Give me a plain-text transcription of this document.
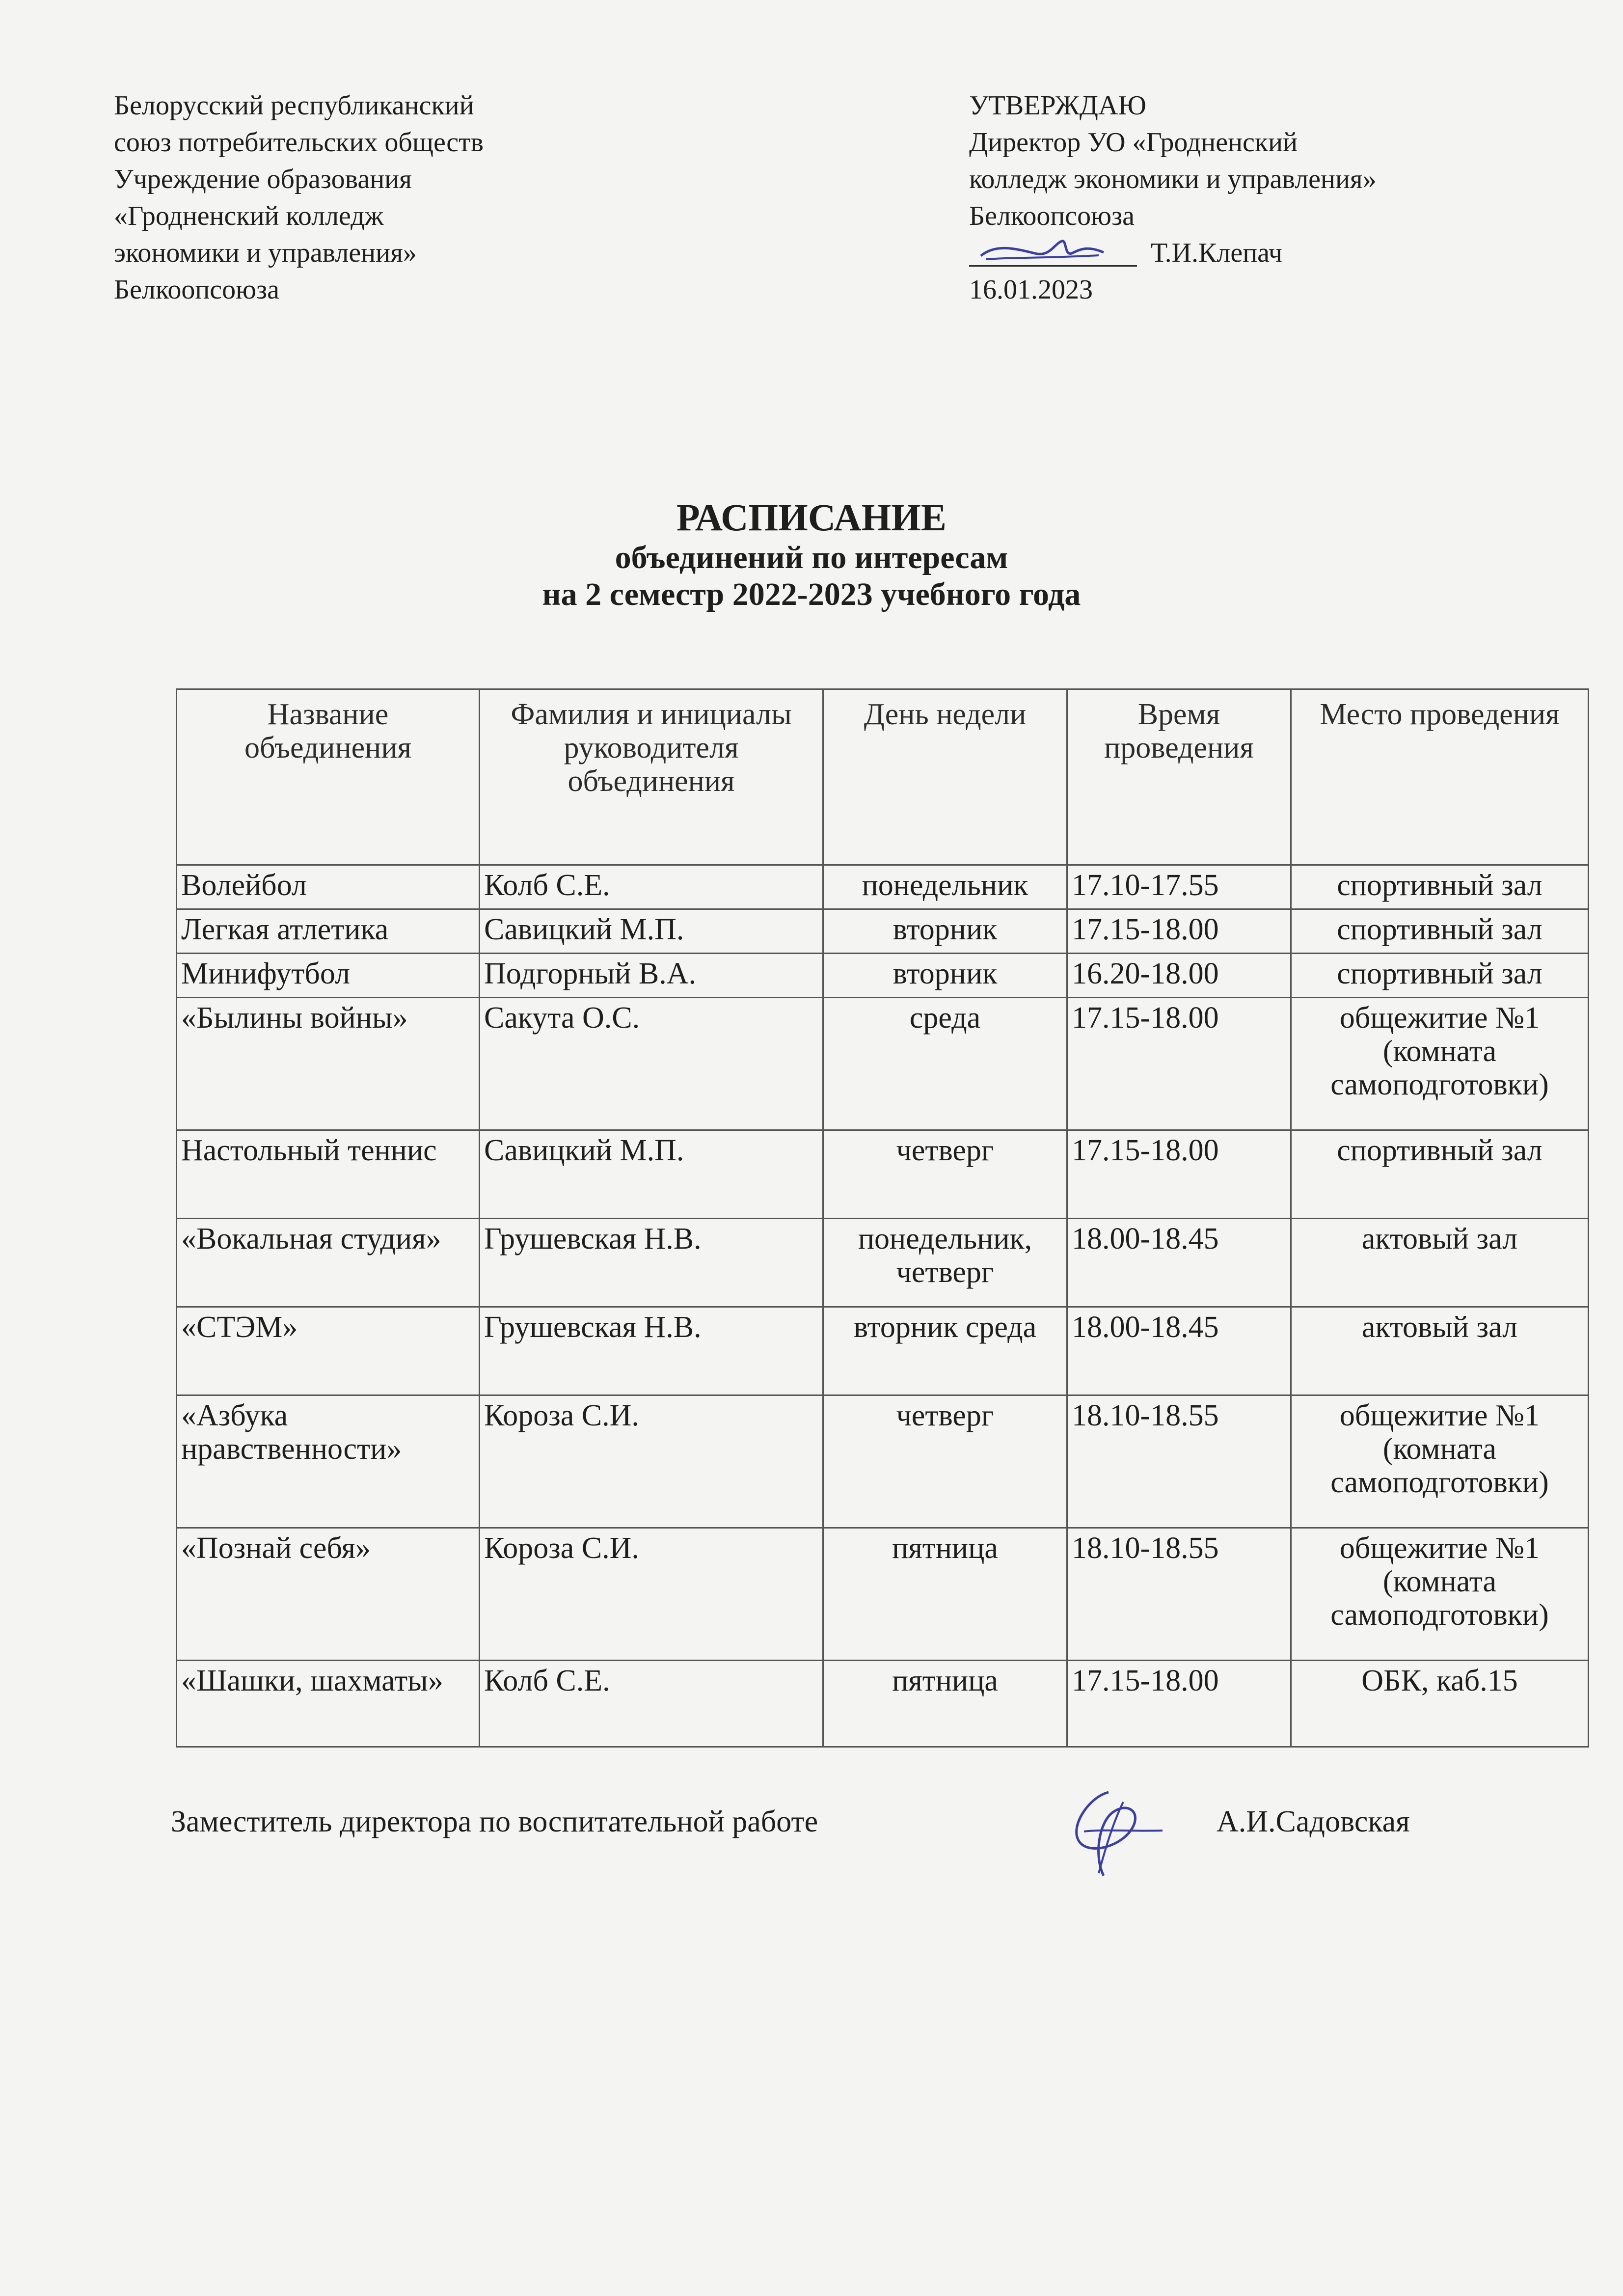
Белорусский республиканский
союз потребительских обществ
Учреждение образования
«Гродненский колледж
экономики и управления»
Белкоопсоюза
УТВЕРЖДАЮ
Директор УО «Гродненский
колледж экономики и управления»
Белкоопсоюза
Т.И.Клепач
16.01.2023
РАСПИСАНИЕ
объединений по интересам
на 2 семестр 2022-2023 учебного года
Название объединения	Фамилия и инициалы руководителя объединения	День недели	Время проведения	Место проведения
Волейбол	Колб С.Е.	понедельник	17.10-17.55	спортивный зал
Легкая атлетика	Савицкий М.П.	вторник	17.15-18.00	спортивный зал
Минифутбол	Подгорный В.А.	вторник	16.20-18.00	спортивный зал
«Былины войны»	Сакута О.С.	среда	17.15-18.00	общежитие №1 (комната самоподготовки)
Настольный теннис	Савицкий М.П.	четверг	17.15-18.00	спортивный зал
«Вокальная студия»	Грушевская Н.В.	понедельник, четверг	18.00-18.45	актовый зал
«СТЭМ»	Грушевская Н.В.	вторник среда	18.00-18.45	актовый зал
«Азбука нравственности»	Короза С.И.	четверг	18.10-18.55	общежитие №1 (комната самоподготовки)
«Познай себя»	Короза С.И.	пятница	18.10-18.55	общежитие №1 (комната самоподготовки)
«Шашки, шахматы»	Колб С.Е.	пятница	17.15-18.00	ОБК, каб.15
Заместитель директора по воспитательной работе	А.И.Садовская
